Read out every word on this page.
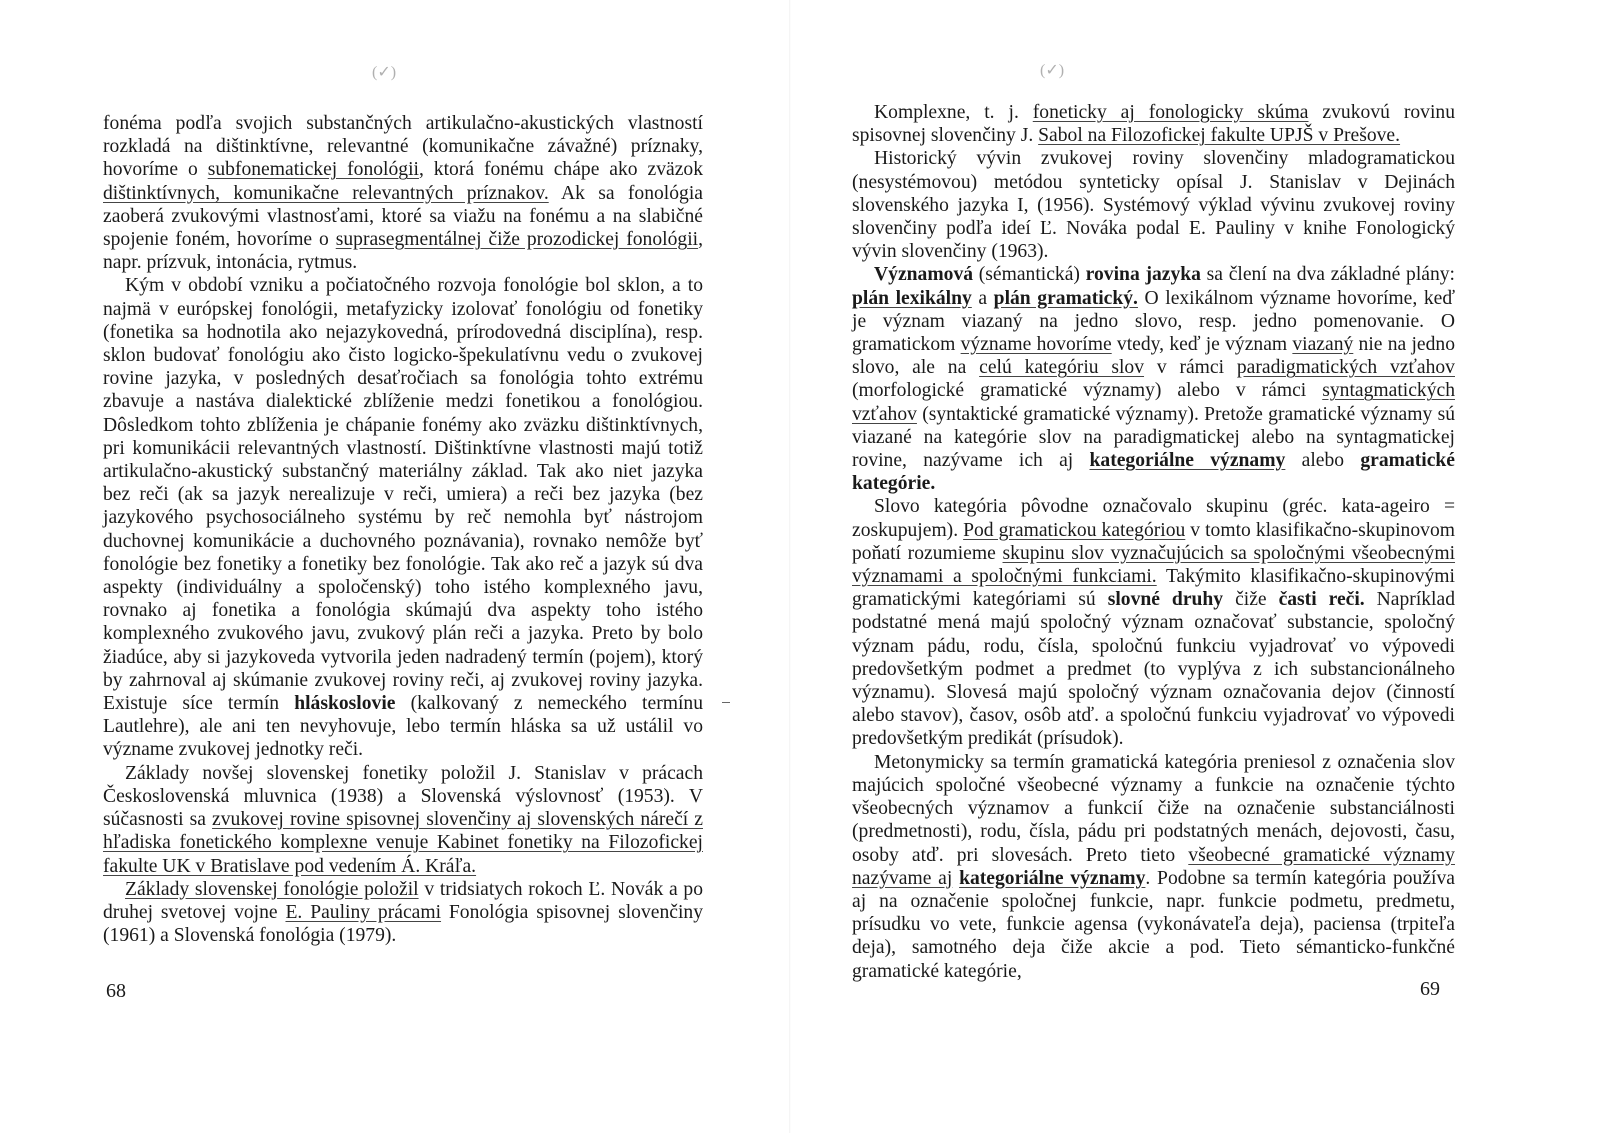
(✓)

fonéma podľa svojich substančných artikulačno-akustických vlastností rozkladá na dištinktívne, relevantné (komunikačne závažné) príznaky, hovoríme o subfonematickej fonológii, ktorá fonému chápe ako zväzok dištinktívnych, komunikačne relevantných príznakov. Ak sa fonológia zaoberá zvukovými vlastnosťami, ktoré sa viažu na fonému a na slabičné spojenie foném, hovoríme o suprasegmentálnej čiže prozodickej fonológii, napr. prízvuk, intonácia, rytmus.

Kým v období vzniku a počiatočného rozvoja fonológie bol sklon, a to najmä v európskej fonológii, metafyzicky izolovať fonológiu od fonetiky (fonetika sa hodnotila ako nejazykovedná, prírodovedná disciplína), resp. sklon budovať fonológiu ako čisto logicko-špekulatívnu vedu o zvukovej rovine jazyka, v posledných desaťročiach sa fonológia tohto extrému zbavuje a nastáva dialektické zblíženie medzi fonetikou a fonológiou. Dôsledkom tohto zblíženia je chápanie fonémy ako zväzku dištinktívnych, pri komunikácii relevantných vlastností. Dištinktívne vlastnosti majú totiž artikulačno-akustický substančný materiálny základ. Tak ako niet jazyka bez reči (ak sa jazyk nerealizuje v reči, umiera) a reči bez jazyka (bez jazykového psychosociálneho systému by reč nemohla byť nástrojom duchovnej komunikácie a duchovného poznávania), rovnako nemôže byť fonológie bez fonetiky a fonetiky bez fonológie. Tak ako reč a jazyk sú dva aspekty (individuálny a spoločenský) toho istého komplexného javu, rovnako aj fonetika a fonológia skúmajú dva aspekty toho istého komplexného zvukového javu, zvukový plán reči a jazyka. Preto by bolo žiadúce, aby si jazykoveda vytvorila jeden nadradený termín (pojem), ktorý by zahrnoval aj skúmanie zvukovej roviny reči, aj zvukovej roviny jazyka. Existuje síce termín hláskoslovie (kalkovaný z nemeckého termínu Lautlehre), ale ani ten nevyhovuje, lebo termín hláska sa už ustálil vo význame zvukovej jednotky reči.

Základy novšej slovenskej fonetiky položil J. Stanislav v prácach Československá mluvnica (1938) a Slovenská výslovnosť (1953). V súčasnosti sa zvukovej rovine spisovnej slovenčiny aj slovenských nárečí z hľadiska fonetického komplexne venuje Kabinet fonetiky na Filozofickej fakulte UK v Bratislave pod vedením Á. Kráľa.

Základy slovenskej fonológie položil v tridsiatych rokoch Ľ. Novák a po druhej svetovej vojne E. Pauliny prácami Fonológia spisovnej slovenčiny (1961) a Slovenská fonológia (1979).

68
(✓)

Komplexne, t. j. foneticky aj fonologicky skúma zvukovú rovinu spisovnej slovenčiny J. Sabol na Filozofickej fakulte UPJŠ v Prešove.

Historický vývin zvukovej roviny slovenčiny mladogramatickou (nesystémovou) metódou synteticky opísal J. Stanislav v Dejinách slovenského jazyka I, (1956). Systémový výklad vývinu zvukovej roviny slovenčiny podľa ideí Ľ. Nováka podal E. Pauliny v knihe Fonologický vývin slovenčiny (1963).

Významová (sémantická) rovina jazyka sa člení na dva základné plány: plán lexikálny a plán gramatický. O lexikálnom význame hovoríme, keď je význam viazaný na jedno slovo, resp. jedno pomenovanie. O gramatickom význame hovoríme vtedy, keď je význam viazaný nie na jedno slovo, ale na celú kategóriu slov v rámci paradigmatických vzťahov (morfologické gramatické významy) alebo v rámci syntagmatických vzťahov (syntaktické gramatické významy). Pretože gramatické významy sú viazané na kategórie slov na paradigmatickej alebo na syntagmatickej rovine, nazývame ich aj kategoriálne významy alebo gramatické kategórie.

Slovo kategória pôvodne označovalo skupinu (gréc. kata-ageiro = zoskupujem). Pod gramatickou kategóriou v tomto klasifikačno-skupinovom poňatí rozumieme skupinu slov vyznačujúcich sa spoločnými všeobecnými významami a spoločnými funkciami. Takýmito klasifikačno-skupinovými gramatickými kategóriami sú slovné druhy čiže časti reči. Napríklad podstatné mená majú spoločný význam označovať substancie, spoločný význam pádu, rodu, čísla, spoločnú funkciu vyjadrovať vo výpovedi predovšetkým podmet a predmet (to vyplýva z ich substancionálneho významu). Slovesá majú spoločný význam označovania dejov (činností alebo stavov), časov, osôb atď. a spoločnú funkciu vyjadrovať vo výpovedi predovšetkým predikát (prísudok).

Metonymicky sa termín gramatická kategória preniesol z označenia slov majúcich spoločné všeobecné významy a funkcie na označenie týchto všeobecných významov a funkcií čiže na označenie substanciálnosti (predmetnosti), rodu, čísla, pádu pri podstatných menách, dejovosti, času, osoby atď. pri slovesách. Preto tieto všeobecné gramatické významy nazývame aj kategoriálne významy. Podobne sa termín kategória používa aj na označenie spoločnej funkcie, napr. funkcie podmetu, predmetu, prísudku vo vete, funkcie agensa (vykonávateľa deja), paciensa (trpiteľa deja), samotného deja čiže akcie a pod. Tieto sémanticko-funkčné gramatické kategórie,

69
